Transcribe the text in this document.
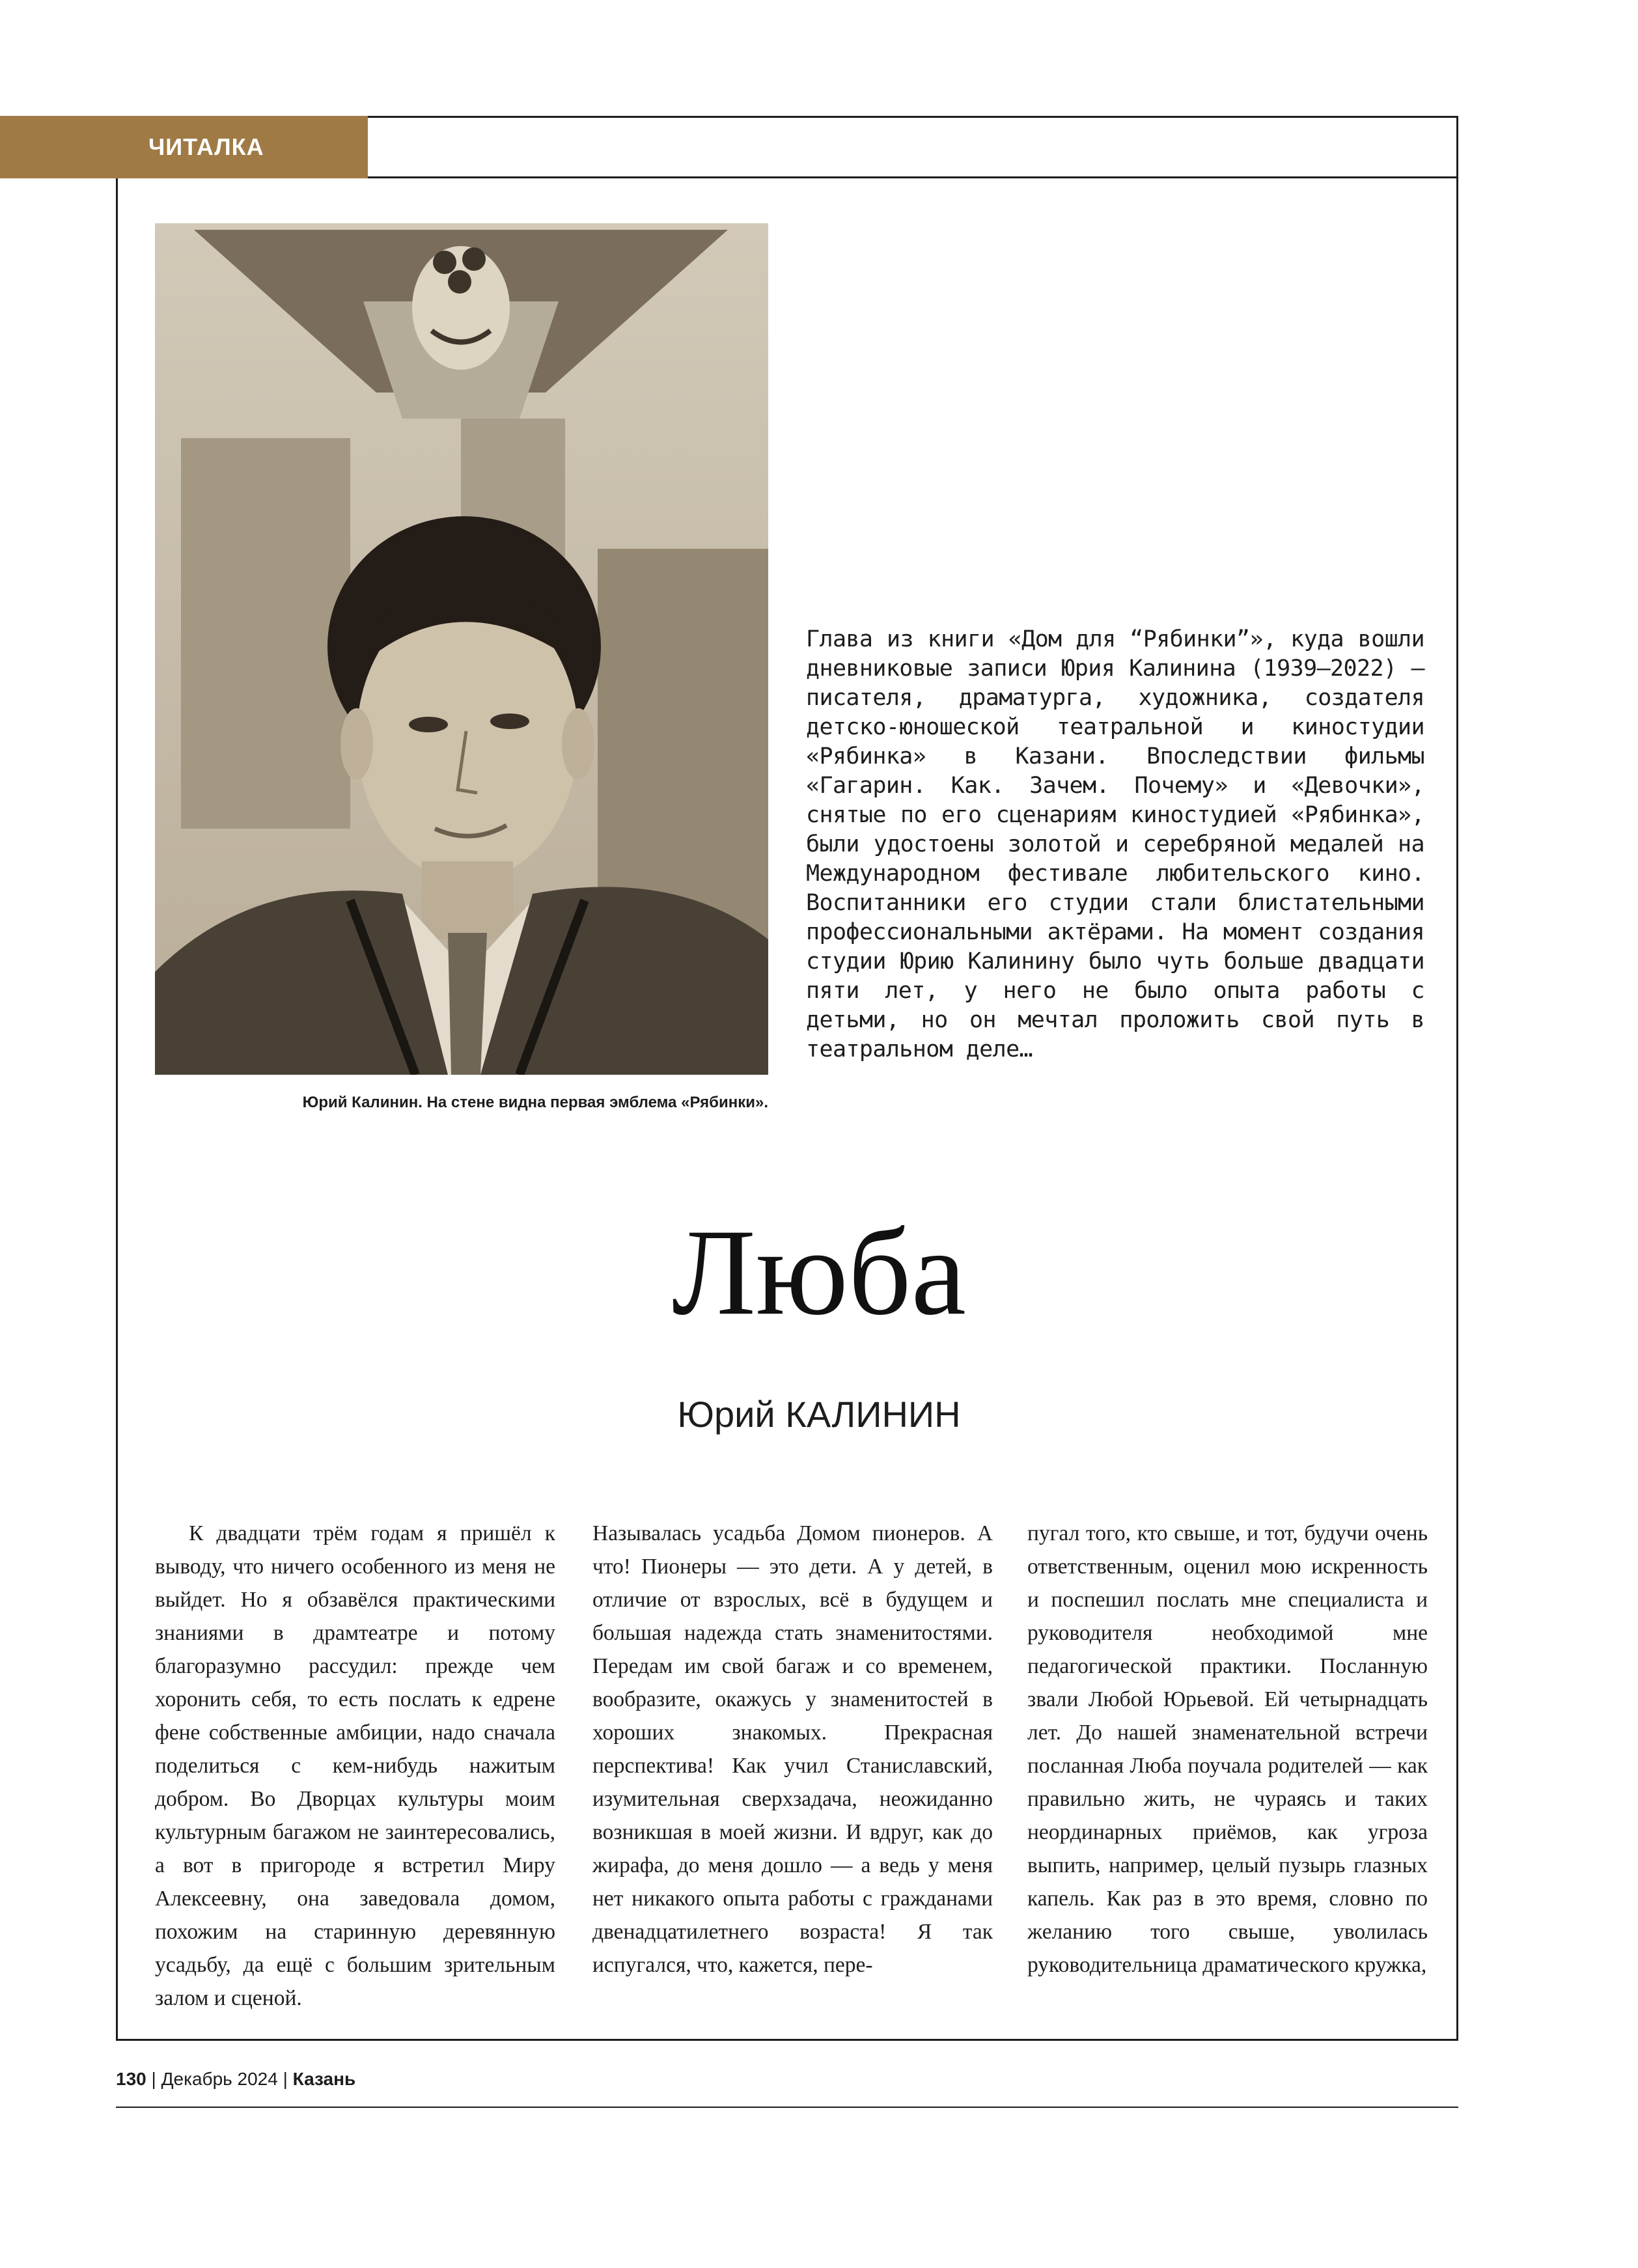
ЧИТАЛКА
Юрий Калинин. На стене видна первая эмблема «Рябинки».
Глава из книги «Дом для “Рябинки”», куда вошли дневниковые записи Юрия Калинина (1939–2022) — писателя, драматурга, художника, создателя детско-юношеской театральной и киностудии «Рябинка» в Казани. Впоследствии фильмы «Гагарин. Как. Зачем. Почему» и «Девочки», снятые по его сценариям киностудией «Рябинка», были удостоены золотой и серебряной медалей на Международном фестивале любительского кино. Воспитанники его студии стали блистательными профессиональными актёрами. На момент создания студии Юрию Калинину было чуть больше двадцати пяти лет, у него не было опыта работы с детьми, но он мечтал проложить свой путь в театральном деле…
Люба
Юрий КАЛИНИН

К двадцати трём годам я пришёл к выводу, что ничего особенного из меня не выйдет. Но я обзавёлся практическими знаниями в драмтеатре и потому благоразумно рассудил: прежде чем хоронить себя, то есть послать к едрене фене собственные амбиции, надо сначала поделиться с кем-нибудь нажитым добром. Во Дворцах культуры моим культурным багажом не заинтересовались, а вот в пригороде я встретил Миру Алексеевну, она заведовала домом, похожим на старинную деревянную усадьбу, да ещё с большим зрительным залом и сценой.

Называлась усадьба Домом пионеров. А что! Пионеры — это дети. А у детей, в отличие от взрослых, всё в будущем и большая надежда стать знаменитостями. Передам им свой багаж и со временем, вообразите, окажусь у знаменитостей в хороших знакомых. Прекрасная перспектива! Как учил Станиславский, изумительная сверхзадача, неожиданно возникшая в моей жизни. И вдруг, как до жирафа, до меня дошло — а ведь у меня нет никакого опыта работы с гражданами двенадцатилетнего возраста! Я так испугался, что, кажется, пере-

пугал того, кто свыше, и тот, будучи очень ответственным, оценил мою искренность и поспешил послать мне специалиста и руководителя необходимой мне педагогической практики. Посланную звали Любой Юрьевой. Ей четырнадцать лет. До нашей знаменательной встречи посланная Люба поучала родителей — как правильно жить, не чураясь и таких неординарных приёмов, как угроза выпить, например, целый пузырь глазных капель. Как раз в это время, словно по желанию того свыше, уволилась руководительница драматического кружка,

130 | Декабрь 2024 | Казань
